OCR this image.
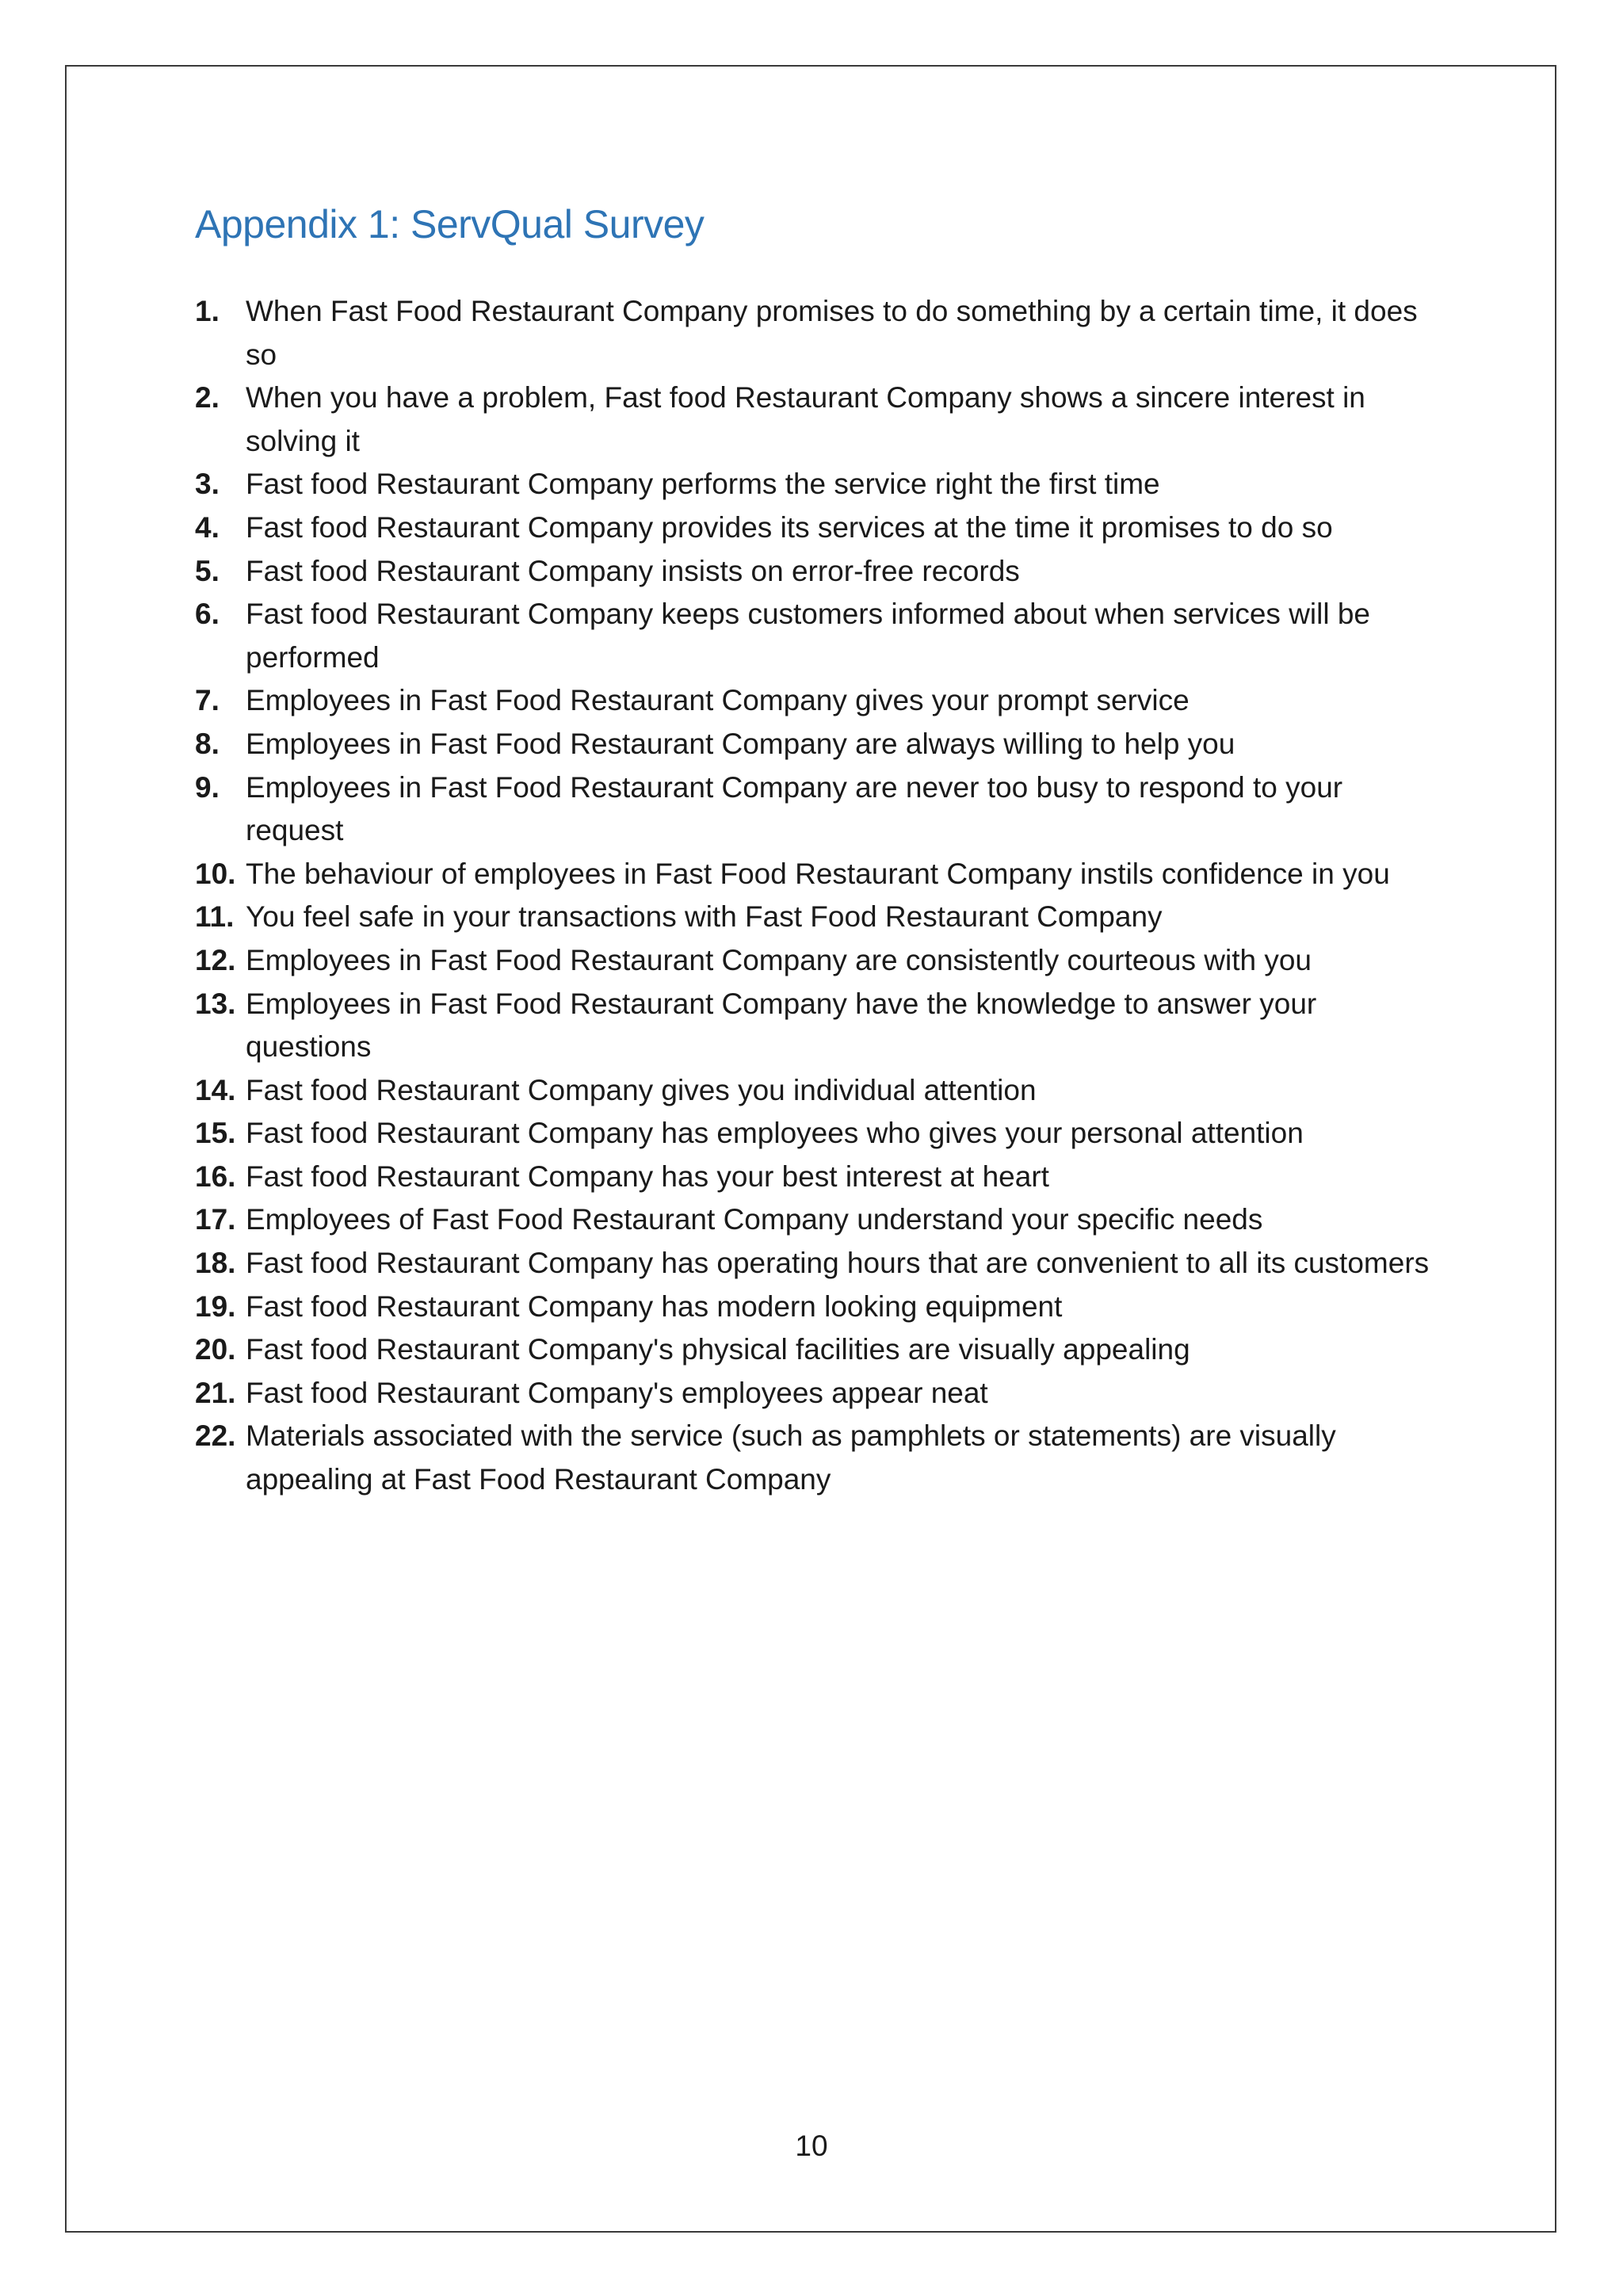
Appendix 1: ServQual Survey
1. When Fast Food Restaurant Company promises to do something by a certain time, it does so
2. When you have a problem, Fast food Restaurant Company shows a sincere interest in solving it
3. Fast food Restaurant Company performs the service right the first time
4. Fast food Restaurant Company provides its services at the time it promises to do so
5. Fast food Restaurant Company insists on error-free records
6. Fast food Restaurant Company keeps customers informed about when services will be performed
7. Employees in Fast Food Restaurant Company gives your prompt service
8. Employees in Fast Food Restaurant Company are always willing to help you
9. Employees in Fast Food Restaurant Company are never too busy to respond to your request
10. The behaviour of employees in Fast Food Restaurant Company instils confidence in you
11. You feel safe in your transactions with Fast Food Restaurant Company
12. Employees in Fast Food Restaurant Company are consistently courteous with you
13. Employees in Fast Food Restaurant Company have the knowledge to answer your questions
14. Fast food Restaurant Company gives you individual attention
15. Fast food Restaurant Company has employees who gives your personal attention
16. Fast food Restaurant Company has your best interest at heart
17. Employees of Fast Food Restaurant Company understand your specific needs
18. Fast food Restaurant Company has operating hours that are convenient to all its customers
19. Fast food Restaurant Company has modern looking equipment
20. Fast food Restaurant Company's physical facilities are visually appealing
21. Fast food Restaurant Company's employees appear neat
22. Materials associated with the service (such as pamphlets or statements) are visually appealing at Fast Food Restaurant Company
10
